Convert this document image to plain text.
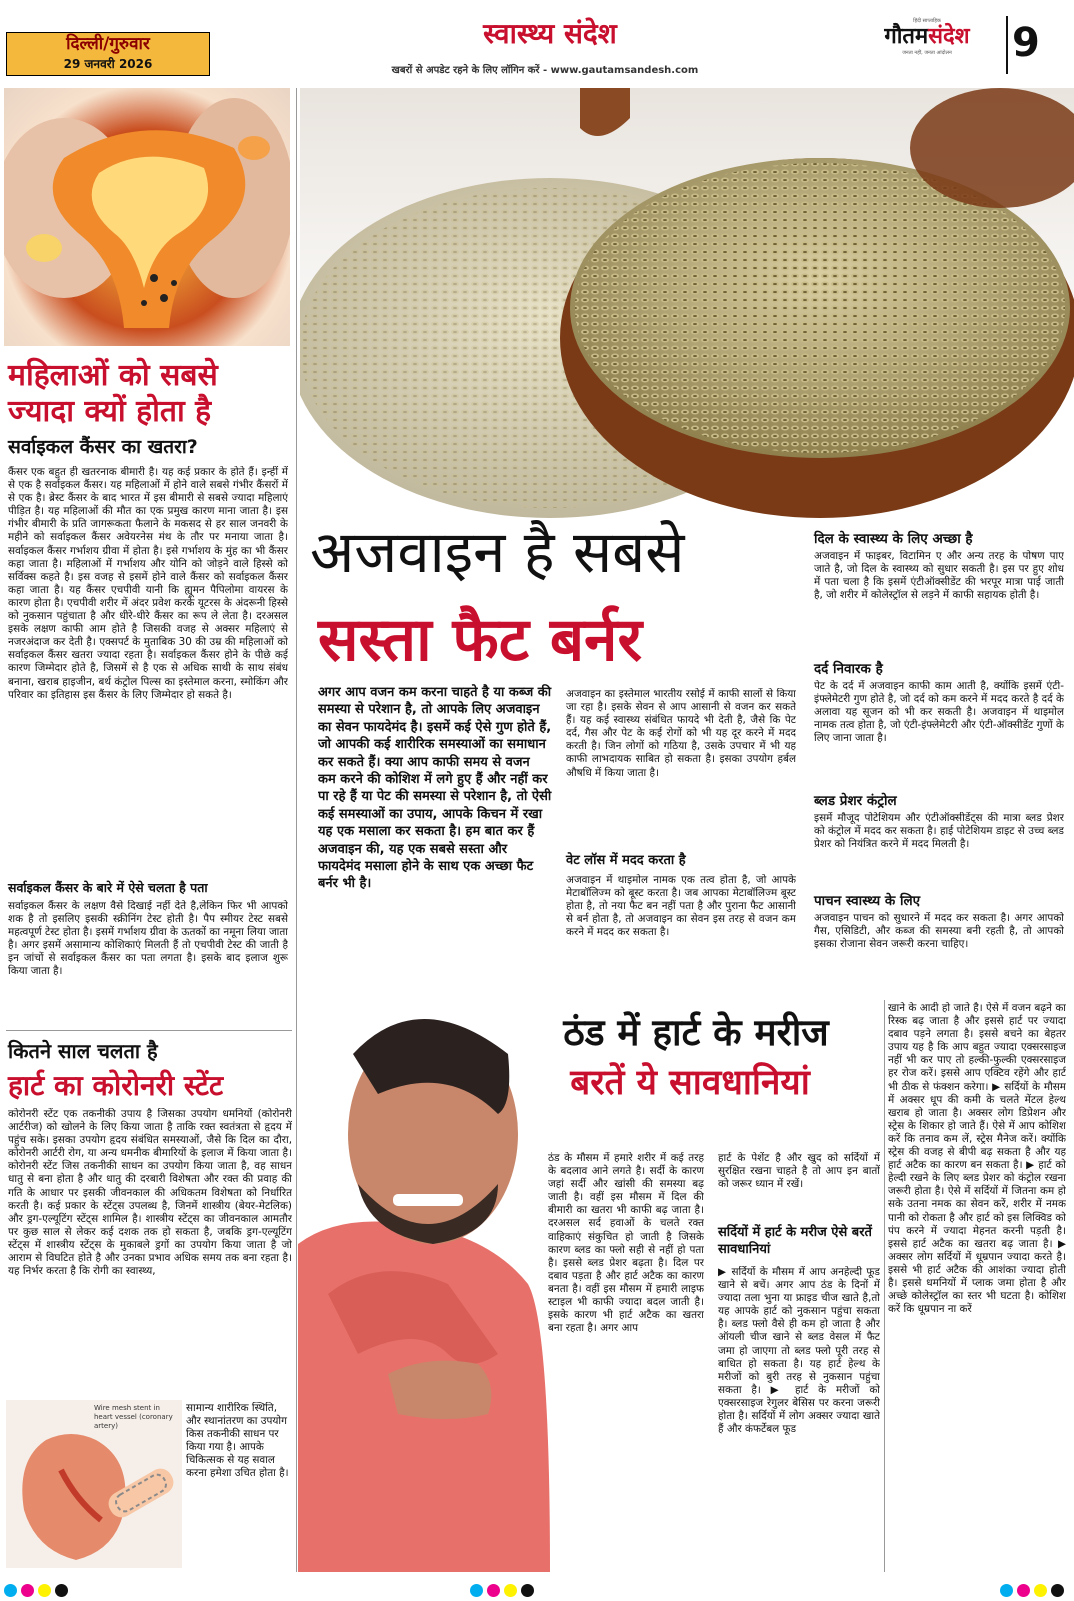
दिल्ली/गुरुवार
29 जनवरी 2026
स्वास्थ्य संदेश
खबरों से अपडेट रहने के लिए लॉगिन करें - www.gautamsandesh.com
हिंदी साप्ताहिक
गौतमसंदेश
जनता नहीं, जनता आंदोलन	9
महिलाओं को सबसे
ज्यादा क्यों होता है
सर्वाइकल कैंसर का खतरा?
कैंसर एक बहुत ही खतरनाक बीमारी है। यह कई प्रकार के होते हैं। इन्हीं में से एक है सर्वाइकल कैंसर। यह महिलाओं में होने वाले सबसे गंभीर कैंसरों में से एक है। ब्रेस्ट कैंसर के बाद भारत में इस बीमारी से सबसे ज्यादा महिलाएं पीड़ित है। यह महिलाओं की मौत का एक प्रमुख कारण माना जाता है। इस गंभीर बीमारी के प्रति जागरूकता फैलाने के मकसद से हर साल जनवरी के महीने को सर्वाइकल कैंसर अवेयरनेस मंथ के तौर पर मनाया जाता है। सर्वाइकल कैंसर गर्भाशय ग्रीवा में होता है। इसे गर्भाशय के मुंह का भी कैंसर कहा जाता है। महिलाओं में गर्भाशय और योनि को जोड़ने वाले हिस्से को सर्विक्स कहते है। इस वजह से इसमें होने वाले कैंसर को सर्वाइकल कैंसर कहा जाता है। यह कैंसर एचपीवी यानी कि ह्यूमन पैपिलोमा वायरस के कारण होता है। एचपीवी शरीर में अंदर प्रवेश करके यूटरस के अंदरूनी हिस्से को नुकसान पहुंचाता है और धीरे-धीरे कैंसर का रूप ले लेता है। दरअसल इसके लक्षण काफी आम होते है जिसकी वजह से अक्सर महिलाएं से नजरअंदाज कर देती है। एक्सपर्ट के मुताबिक 30 की उम्र की महिलाओं को सर्वाइकल कैंसर खतरा ज्यादा रहता है। सर्वाइकल कैंसर होने के पीछे कई कारण जिम्मेदार होते है, जिसमें से है एक से अधिक साथी के साथ संबंध बनाना, खराब हाइजीन, बर्थ कंट्रोल पिल्स का इस्तेमाल करना, स्मोकिंग और परिवार का इतिहास इस कैंसर के लिए जिम्मेदार हो सकते है।
सर्वाइकल कैंसर के बारे में ऐसे चलता है पता
सर्वाइकल कैंसर के लक्षण वैसे दिखाई नहीं देते है,लेकिन फिर भी आपको शक है तो इसलिए इसकी स्क्रीनिंग टेस्ट होती है। पैप स्मीयर टेस्ट सबसे महत्वपूर्ण टेस्ट होता है। इसमें गर्भाशय ग्रीवा के ऊतकों का नमूना लिया जाता है। अगर इसमें असामान्य कोशिकाएं मिलती हैं तो एचपीवी टेस्ट की जाती है इन जांचों से सर्वाइकल कैंसर का पता लगता है। इसके बाद इलाज शुरू किया जाता है।
कितने साल चलता है
हार्ट का कोरोनरी स्टेंट
कोरोनरी स्टेंट एक तकनीकी उपाय है जिसका उपयोग धमनियों (कोरोनरी आर्टरीज) को खोलने के लिए किया जाता है ताकि रक्त स्वतंत्रता से हृदय में पहुंच सके। इसका उपयोग हृदय संबंधित समस्याओं, जैसे कि दिल का दौरा, कोरोनरी आर्टरी रोग, या अन्य धमनीक बीमारियों के इलाज में किया जाता है। कोरोनरी स्टेंट जिस तकनीकी साधन का उपयोग किया जाता है, वह साधन धातु से बना होता है और धातु की दरबारी विशेषता और रक्त की प्रवाह की गति के आधार पर इसकी जीवनकाल की अधिकतम विशेषता को निर्धारित करती है। कई प्रकार के स्टेंट्स उपलब्ध है, जिनमें शास्त्रीय (बेयर-मेटलिक) और ड्रग-एल्यूटिंग स्टेंट्स शामिल है। शास्त्रीय स्टेंट्स का जीवनकाल आमतौर पर कुछ साल से लेकर कई दशक तक हो सकता है, जबकि ड्रग-एल्यूटिंग स्टेंट्स में शास्त्रीय स्टेंट्स के मुकाबले ड्रगों का उपयोग किया जाता है जो आराम से विघटित होते है और उनका प्रभाव अधिक समय तक बना रहता है। यह निर्भर करता है कि रोगी का स्वास्थ्य,
Wire mesh stent in heart vessel (coronary artery)
सामान्य शारीरिक स्थिति, और स्थानांतरण का उपयोग किस तकनीकी साधन पर किया गया है। आपके चिकित्सक से यह सवाल करना हमेशा उचित होता है।
अजवाइन है सबसे
सस्ता फैट बर्नर
अगर आप वजन कम करना चाहते है या कब्ज की समस्या से परेशान है, तो आपके लिए अजवाइन का सेवन फायदेमंद है। इसमें कई ऐसे गुण होते हैं, जो आपकी कई शारीरिक समस्याओं का समाधान कर सकते हैं। क्या आप काफी समय से वजन कम करने की कोशिश में लगे हुए हैं और नहीं कर पा रहे हैं या पेट की समस्या से परेशान है, तो ऐसी कई समस्याओं का उपाय, आपके किचन में रखा यह एक मसाला कर सकता है। हम बात कर हैं अजवाइन की, यह एक सबसे सस्ता और फायदेमंद मसाला होने के साथ एक अच्छा फैट बर्नर भी है।
अजवाइन का इस्तेमाल भारतीय रसोई में काफी सालों से किया जा रहा है। इसके सेवन से आप आसानी से वजन कर सकते हैं। यह कई स्वास्थ्य संबंधित फायदे भी देती है, जैसे कि पेट दर्द, गैस और पेट के कई रोगों को भी यह दूर करने में मदद करती है। जिन लोगों को गठिया है, उसके उपचार में भी यह काफी लाभदायक साबित हो सकता है। इसका उपयोग हर्बल औषधि में किया जाता है।
वेट लॉस में मदद करता है
अजवाइन में थाइमोल नामक एक तत्व होता है, जो आपके मेटाबॉलिज्म को बूस्ट करता है। जब आपका मेटाबॉलिज्म बूस्ट होता है, तो नया फैट बन नहीं पता है और पुराना फैट आसानी से बर्न होता है, तो अजवाइन का सेवन इस तरह से वजन कम करने में मदद कर सकता है।
दिल के स्वास्थ्य के लिए अच्छा है
अजवाइन में फाइबर, विटामिन ए और अन्य तरह के पोषण पाए जाते है, जो दिल के स्वास्थ्य को सुधार सकती है। इस पर हुए शोध में पता चला है कि इसमें एंटीऑक्सीडेंट की भरपूर मात्रा पाई जाती है, जो शरीर में कोलेस्ट्रॉल से लड़ने में काफी सहायक होती है।
दर्द निवारक है
पेट के दर्द में अजवाइन काफी काम आती है, क्योंकि इसमें एंटी-इंफ्लेमेटरी गुण होते है, जो दर्द को कम करने में मदद करते है दर्द के अलावा यह सूजन को भी कर सकती है। अजवाइन में थाइमोल नामक तत्व होता है, जो एंटी-इंफ्लेमेटरी और एंटी-ऑक्सीडेंट गुणों के लिए जाना जाता है।
ब्लड प्रेशर कंट्रोल
इसमें मौजूद पोटेशियम और एंटीऑक्सीडेंट्स की मात्रा ब्लड प्रेशर को कंट्रोल में मदद कर सकता है। हाई पोटेशियम डाइट से उच्च ब्लड प्रेशर को नियंत्रित करने में मदद मिलती है।
पाचन स्वास्थ्य के लिए
अजवाइन पाचन को सुधारने में मदद कर सकता है। अगर आपको गैस, एसिडिटी, और कब्ज की समस्या बनी रहती है, तो आपको इसका रोजाना सेवन जरूरी करना चाहिए।
ठंड में हार्ट के मरीज
बरतें ये सावधानियां
ठंड के मौसम में हमारे शरीर में कई तरह के बदलाव आने लगते है। सर्दी के कारण जहां सर्दी और खांसी की समस्या बढ़ जाती है। वहीं इस मौसम में दिल की बीमारी का खतरा भी काफी बढ़ जाता है। दरअसल सर्द हवाओं के चलते रक्त वाहिकाएं संकुचित हो जाती है जिसके कारण ब्लड का फ्लो सही से नहीं हो पता है। इससे ब्लड प्रेशर बढ़ता है। दिल पर दबाव पड़ता है और हार्ट अटैक का कारण बनता है। वहीं इस मौसम में हमारी लाइफ स्टाइल भी काफी ज्यादा बदल जाती है। इसके कारण भी हार्ट अटैक का खतरा बना रहता है। अगर आप
हार्ट के पेशेंट है और खुद को सर्दियों में सुरक्षित रखना चाहते है तो आप इन बातों को जरूर ध्यान में रखें।
सर्दियों में हार्ट के मरीज ऐसे बरतें सावधानियां
▶ सर्दियों के मौसम में आप अनहेल्दी फूड खाने से बचें। अगर आप ठंड के दिनों में ज्यादा तला भुना या फ्राइड चीज खाते है,तो यह आपके हार्ट को नुकसान पहुंचा सकता है। ब्लड फ्लो वैसे ही कम हो जाता है और ऑयली चीज खाने से ब्लड वेसल में फैट जमा हो जाएगा तो ब्लड फ्लो पूरी तरह से बाधित हो सकता है। यह हार्ट हेल्थ के मरीजों को बुरी तरह से नुकसान पहुंचा सकता है। ▶ हार्ट के मरीजों को एक्सरसाइज रेगुलर बेसिस पर करना जरूरी होता है। सर्दियों में लोग अक्सर ज्यादा खाते हैं और कंफर्टेबल फूड
खाने के आदी हो जाते है। ऐसे में वजन बढ़ने का रिस्क बढ़ जाता है और इससे हार्ट पर ज्यादा दबाव पड़ने लगता है। इससे बचने का बेहतर उपाय यह है कि आप बहुत ज्यादा एक्सरसाइज नहीं भी कर पाए तो हल्की-फुल्की एक्सरसाइज हर रोज करें। इससे आप एक्टिव रहेंगे और हार्ट भी ठीक से फंक्शन करेगा। ▶ सर्दियों के मौसम में अक्सर धूप की कमी के चलते मेंटल हेल्थ खराब हो जाता है। अक्सर लोग डिप्रेशन और स्ट्रेस के शिकार हो जाते हैं। ऐसे में आप कोशिश करें कि तनाव कम लें, स्ट्रेस मैनेज करें। क्योंकि स्ट्रेस की वजह से बीपी बढ़ सकता है और यह हार्ट अटैक का कारण बन सकता है। ▶ हार्ट को हेल्दी रखने के लिए ब्लड प्रेशर को कंट्रोल रखना जरूरी होता है। ऐसे में सर्दियों में जितना कम हो सके उतना नमक का सेवन करें, शरीर में नमक पानी को रोकता है और हार्ट को इस लिक्विड को पंप करने में ज्यादा मेहनत करनी पड़ती है। इससे हार्ट अटैक का खतरा बढ़ जाता है। ▶ अक्सर लोग सर्दियों में धूम्रपान ज्यादा करते है। इससे भी हार्ट अटैक की आशंका ज्यादा होती है। इससे धमनियों में प्लाक जमा होता है और अच्छे कोलेस्ट्रॉल का स्तर भी घटता है। कोशिश करें कि धूम्रपान ना करें
